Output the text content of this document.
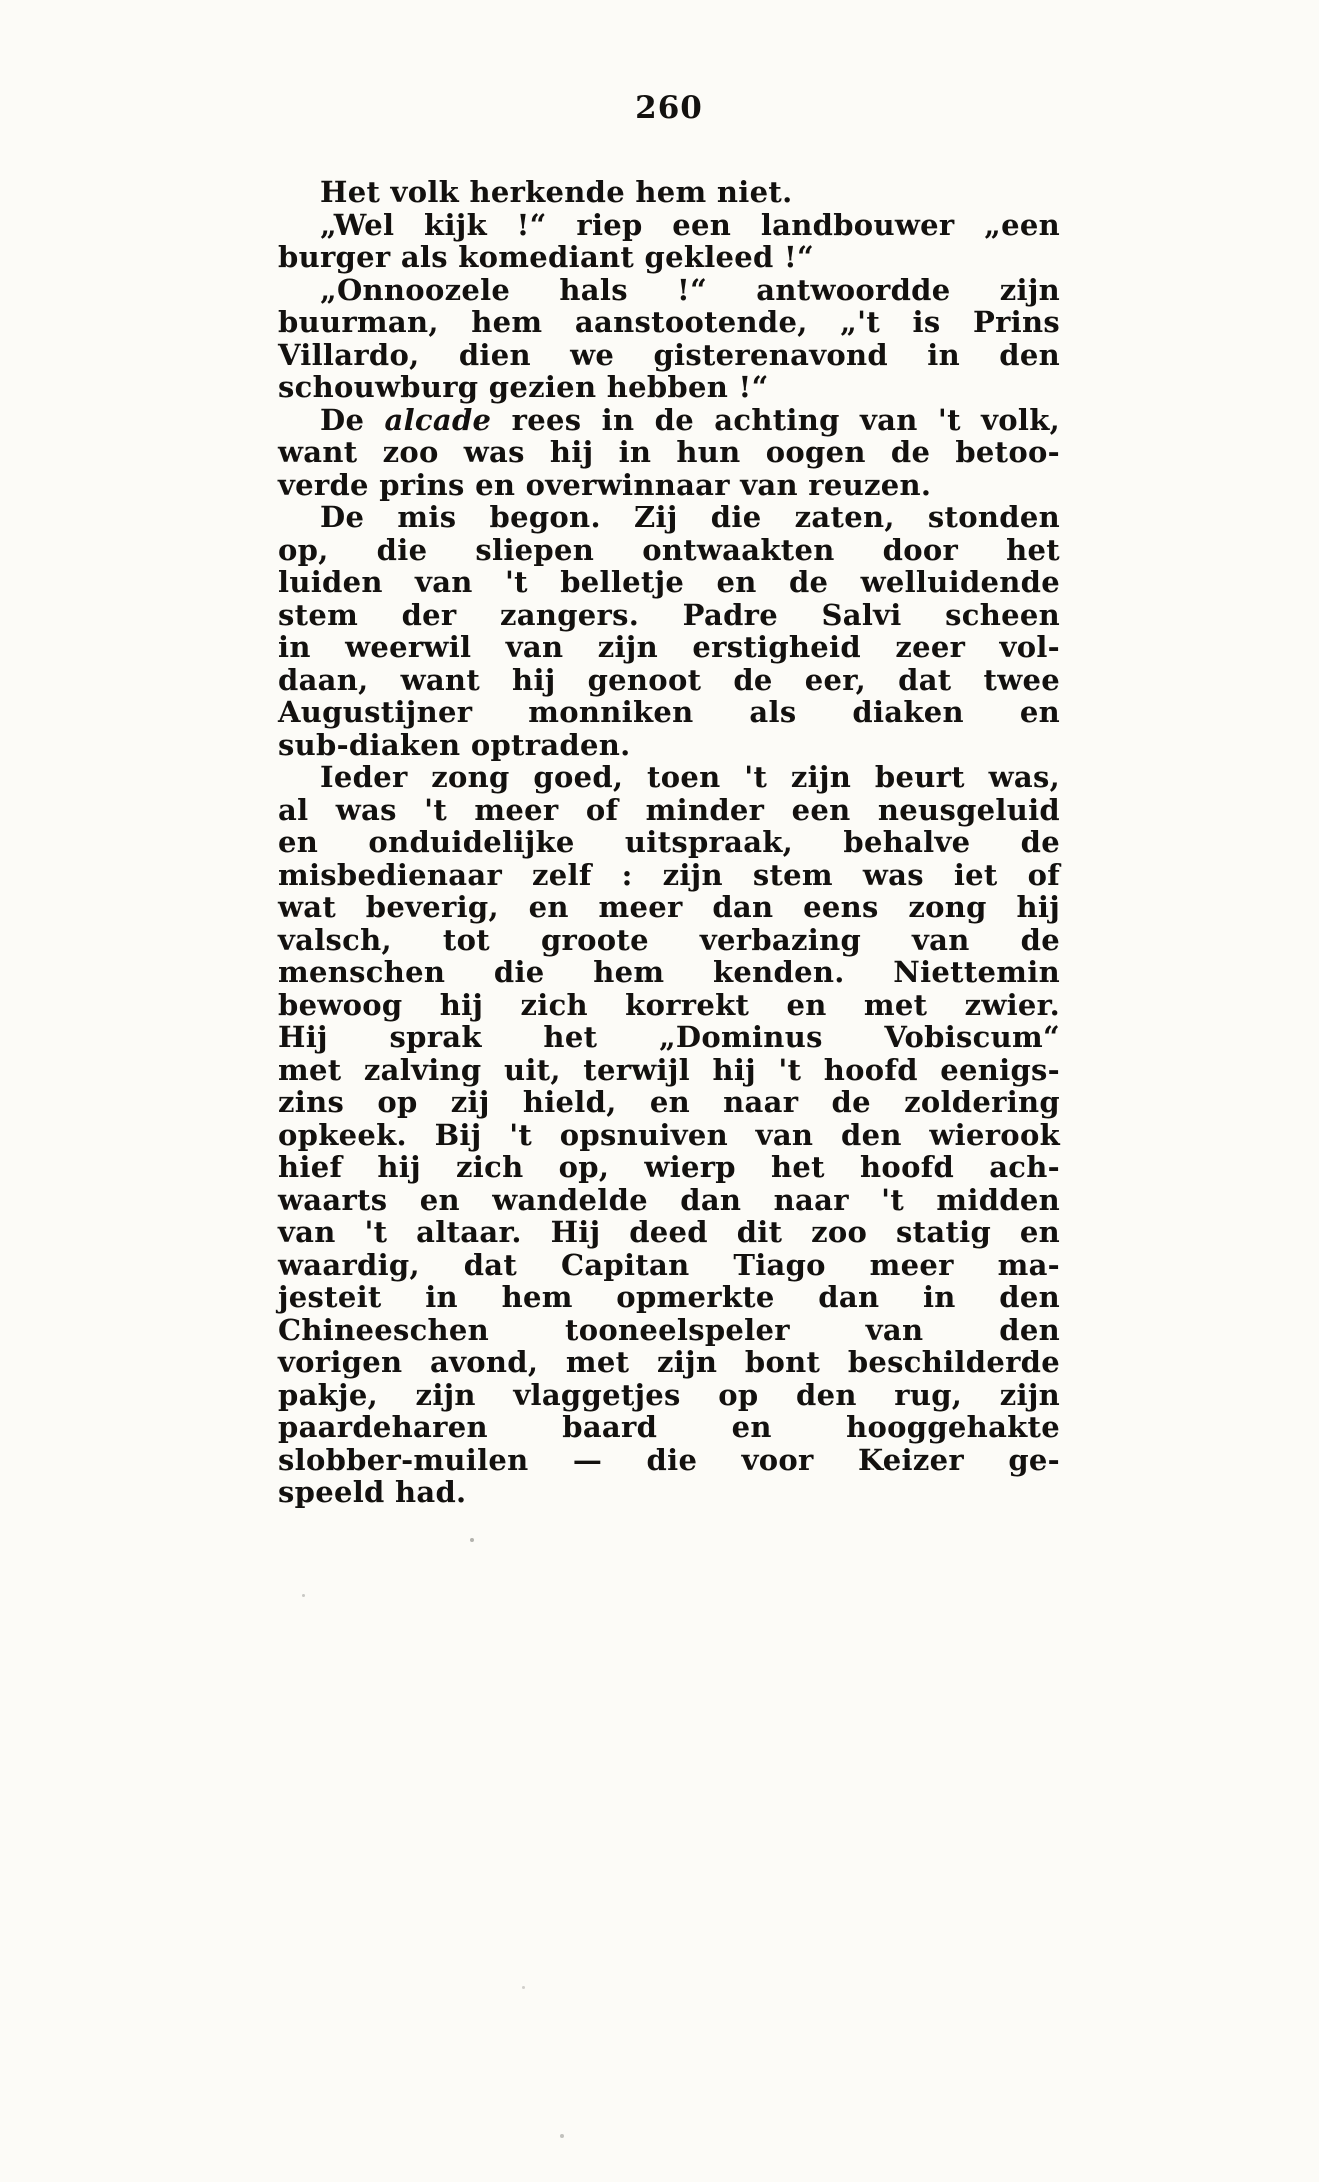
260
Het volk herkende hem niet.
„Wel kijk !“ riep een landbouwer „een
burger als komediant gekleed !“
„Onnoozele hals !“ antwoordde zijn
buurman, hem aanstootende, „'t is Prins
Villardo, dien we gisterenavond in den
schouwburg gezien hebben !“
De alcade rees in de achting van 't volk,
want zoo was hij in hun oogen de betoo-
verde prins en overwinnaar van reuzen.
De mis begon. Zij die zaten, stonden
op, die sliepen ontwaakten door het
luiden van 't belletje en de welluidende
stem der zangers. Padre Salvi scheen
in weerwil van zijn erstigheid zeer vol-
daan, want hij genoot de eer, dat twee
Augustijner monniken als diaken en
sub-diaken optraden.
Ieder zong goed, toen 't zijn beurt was,
al was 't meer of minder een neusgeluid
en onduidelijke uitspraak, behalve de
misbedienaar zelf : zijn stem was iet of
wat beverig, en meer dan eens zong hij
valsch, tot groote verbazing van de
menschen die hem kenden. Niettemin
bewoog hij zich korrekt en met zwier.
Hij sprak het „Dominus Vobiscum“
met zalving uit, terwijl hij 't hoofd eenigs-
zins op zij hield, en naar de zoldering
opkeek. Bij 't opsnuiven van den wierook
hief hij zich op, wierp het hoofd ach-
waarts en wandelde dan naar 't midden
van 't altaar. Hij deed dit zoo statig en
waardig, dat Capitan Tiago meer ma-
jesteit in hem opmerkte dan in den
Chineeschen tooneelspeler van den
vorigen avond, met zijn bont beschilderde
pakje, zijn vlaggetjes op den rug, zijn
paardeharen baard en hooggehakte
slobber-muilen — die voor Keizer ge-
speeld had.
